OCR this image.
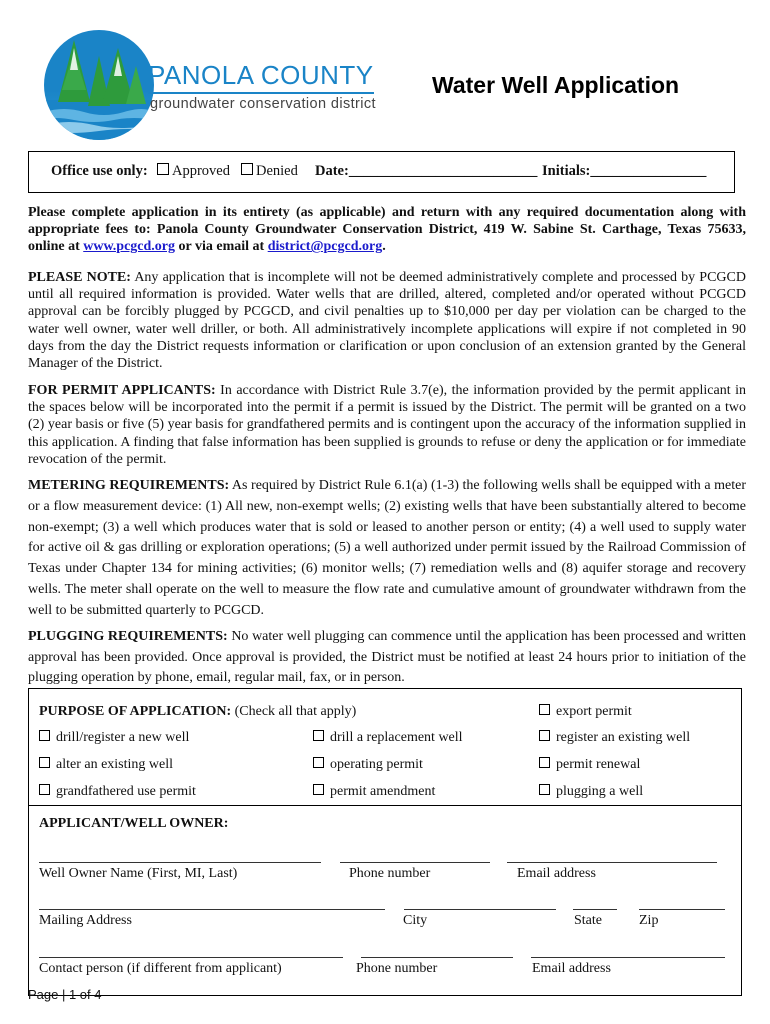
PANOLA COUNTY
groundwater conservation district
Water Well Application
Office use only:	Approved	Denied Date:__________________________ Initials:________________
Please complete application in its entirety (as applicable) and return with any required documentation along with appropriate fees to: Panola County Groundwater Conservation District, 419 W. Sabine St. Carthage, Texas 75633, online at www.pcgcd.org or via email at district@pcgcd.org.
PLEASE NOTE: Any application that is incomplete will not be deemed administratively complete and processed by PCGCD until all required information is provided. Water wells that are drilled, altered, completed and/or operated without PCGCD approval can be forcibly plugged by PCGCD, and civil penalties up to $10,000 per day per violation can be charged to the water well owner, water well driller, or both. All administratively incomplete applications will expire if not completed in 90 days from the day the District requests information or clarification or upon conclusion of an extension granted by the General Manager of the District.
FOR PERMIT APPLICANTS: In accordance with District Rule 3.7(e), the information provided by the permit applicant in the spaces below will be incorporated into the permit if a permit is issued by the District. The permit will be granted on a two (2) year basis or five (5) year basis for grandfathered permits and is contingent upon the accuracy of the information supplied in this application. A finding that false information has been supplied is grounds to refuse or deny the application or for immediate revocation of the permit.
METERING REQUIREMENTS: As required by District Rule 6.1(a) (1-3) the following wells shall be equipped with a meter or a flow measurement device: (1) All new, non-exempt wells; (2) existing wells that have been substantially altered to become non-exempt; (3) a well which produces water that is sold or leased to another person or entity; (4) a well used to supply water for active oil & gas drilling or exploration operations; (5) a well authorized under permit issued by the Railroad Commission of Texas under Chapter 134 for mining activities; (6) monitor wells; (7) remediation wells and (8) aquifer storage and recovery wells. The meter shall operate on the well to measure the flow rate and cumulative amount of groundwater withdrawn from the well to be submitted quarterly to PCGCD.
PLUGGING REQUIREMENTS: No water well plugging can commence until the application has been processed and written approval has been provided. Once approval is provided, the District must be notified at least 24 hours prior to initiation of the plugging operation by phone, email, regular mail, fax, or in person.
PURPOSE OF APPLICATION: (Check all that apply)	export permit
drill/register a new well	drill a replacement well	register an existing well
alter an existing well	operating permit	permit renewal
grandfathered use permit	permit amendment	plugging a well
APPLICANT/WELL OWNER:
Well Owner Name (First, MI, Last)	Phone number	Email address
Mailing Address	City	State	Zip
Contact person (if different from applicant)	Phone number	Email address
Page | 1 of 4
